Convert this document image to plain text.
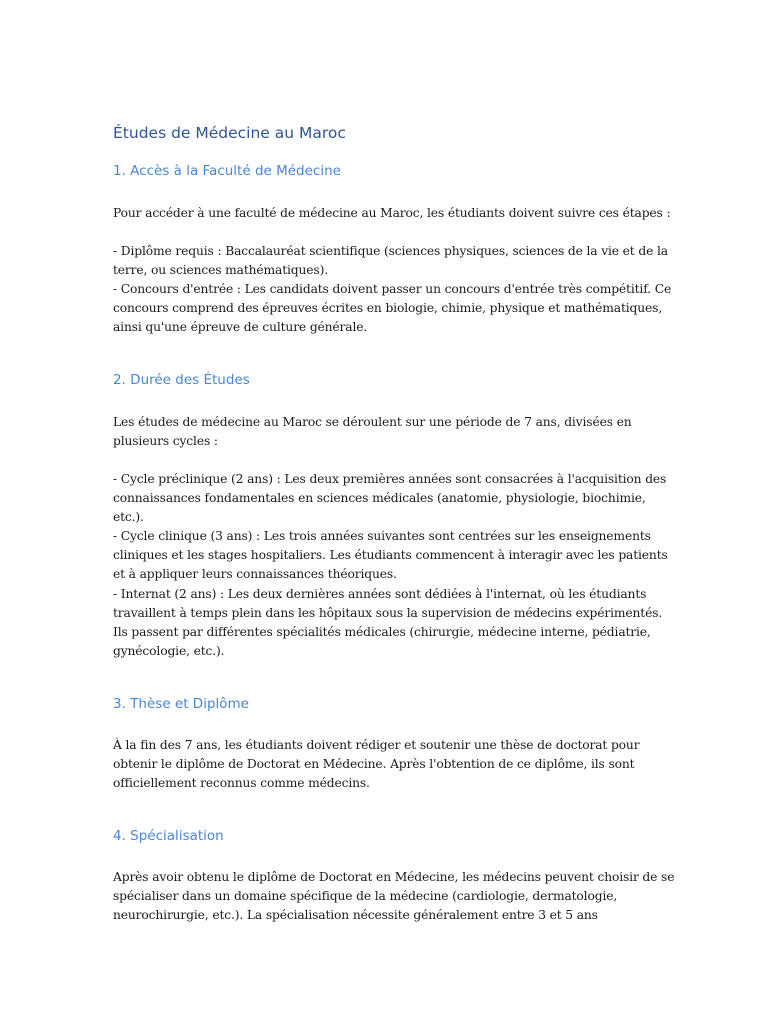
Études de Médecine au Maroc
1. Accès à la Faculté de Médecine

Pour accéder à une faculté de médecine au Maroc, les étudiants doivent suivre ces étapes :

- Diplôme requis : Baccalauréat scientifique (sciences physiques, sciences de la vie et de la
terre, ou sciences mathématiques).
- Concours d'entrée : Les candidats doivent passer un concours d'entrée très compétitif. Ce
concours comprend des épreuves écrites en biologie, chimie, physique et mathématiques,
ainsi qu'une épreuve de culture générale.

2. Durée des Études

Les études de médecine au Maroc se déroulent sur une période de 7 ans, divisées en
plusieurs cycles :

- Cycle préclinique (2 ans) : Les deux premières années sont consacrées à l'acquisition des
connaissances fondamentales en sciences médicales (anatomie, physiologie, biochimie,
etc.).
- Cycle clinique (3 ans) : Les trois années suivantes sont centrées sur les enseignements
cliniques et les stages hospitaliers. Les étudiants commencent à interagir avec les patients
et à appliquer leurs connaissances théoriques.
- Internat (2 ans) : Les deux dernières années sont dédiées à l'internat, où les étudiants
travaillent à temps plein dans les hôpitaux sous la supervision de médecins expérimentés.
Ils passent par différentes spécialités médicales (chirurgie, médecine interne, pédiatrie,
gynécologie, etc.).

3. Thèse et Diplôme

À la fin des 7 ans, les étudiants doivent rédiger et soutenir une thèse de doctorat pour
obtenir le diplôme de Doctorat en Médecine. Après l'obtention de ce diplôme, ils sont
officiellement reconnus comme médecins.

4. Spécialisation

Après avoir obtenu le diplôme de Doctorat en Médecine, les médecins peuvent choisir de se
spécialiser dans un domaine spécifique de la médecine (cardiologie, dermatologie,
neurochirurgie, etc.). La spécialisation nécessite généralement entre 3 et 5 ans
